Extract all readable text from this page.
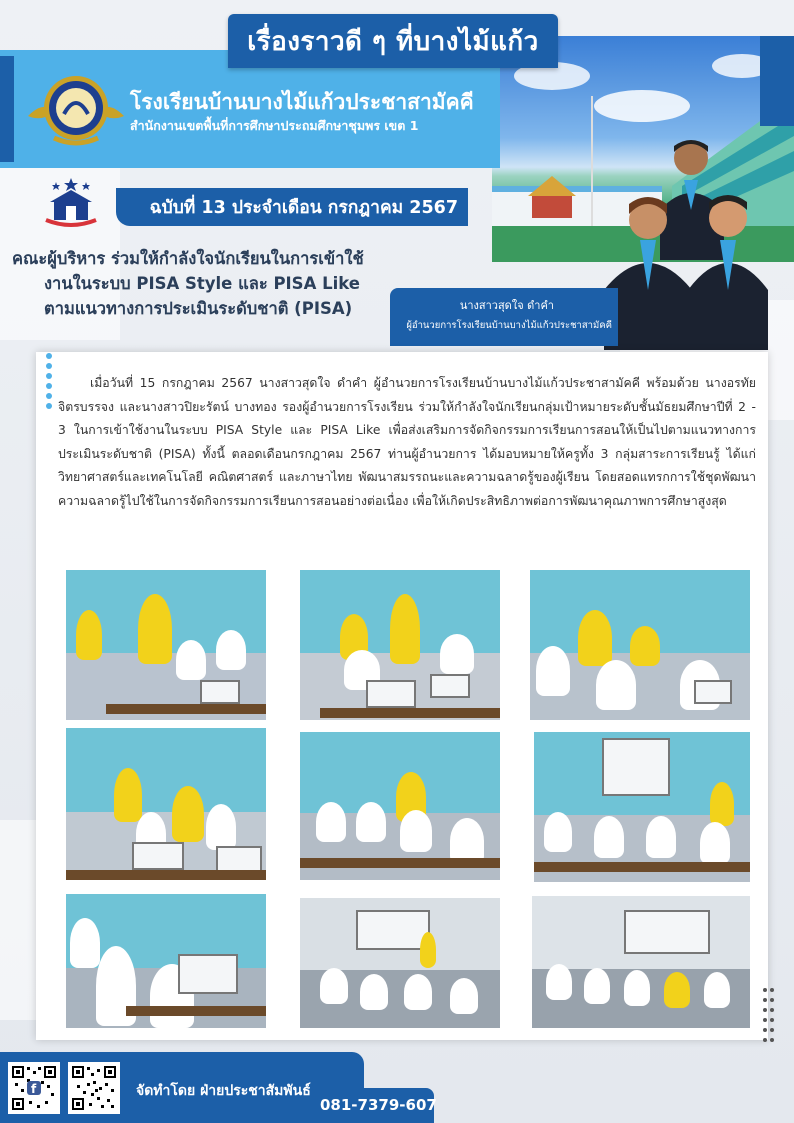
เรื่องราวดี ๆ ที่บางไม้แก้ว
โรงเรียนบ้านบางไม้แก้วประชาสามัคคี
สำนักงานเขตพื้นที่การศึกษาประถมศึกษาชุมพร เขต 1
ฉบับที่ 13 ประจำเดือน กรกฎาคม 2567
คณะผู้บริหาร ร่วมให้กำลังใจนักเรียนในการเข้าใช้
งานในระบบ PISA Style และ PISA Like
ตามแนวทางการประเมินระดับชาติ (PISA)	นางสาวสุดใจ ดำคำ
ผู้อำนวยการโรงเรียนบ้านบางไม้แก้วประชาสามัคคี
เมื่อวันที่ 15 กรกฎาคม 2567 นางสาวสุดใจ ดำคำ ผู้อำนวยการโรงเรียนบ้านบางไม้แก้วประชาสามัคคี พร้อมด้วย นางอรทัย จิตรบรรจง และนางสาวปิยะรัตน์ บางทอง รองผู้อำนวยการโรงเรียน ร่วมให้กำลังใจนักเรียนกลุ่มเป้าหมายระดับชั้นมัธยมศึกษาปีที่ 2 - 3 ในการเข้าใช้งานในระบบ PISA Style และ PISA Like เพื่อส่งเสริมการจัดกิจกรรมการเรียนการสอนให้เป็นไปตามแนวทางการประเมินระดับชาติ (PISA) ทั้งนี้ ตลอดเดือนกรกฎาคม 2567 ท่านผู้อำนวยการ ได้มอบหมายให้ครูทั้ง 3 กลุ่มสาระการเรียนรู้ ได้แก่ วิทยาศาสตร์และเทคโนโลยี คณิตศาสตร์ และภาษาไทย พัฒนาสมรรถนะและความฉลาดรู้ของผู้เรียน โดยสอดแทรกการใช้ชุดพัฒนาความฉลาดรู้ไปใช้ในการจัดกิจกรรมการเรียนการสอนอย่างต่อเนื่อง เพื่อให้เกิดประสิทธิภาพต่อการพัฒนาคุณภาพการศึกษาสูงสุด
f	จัดทำโดย ฝ่ายประชาสัมพันธ์
081-7379-607
